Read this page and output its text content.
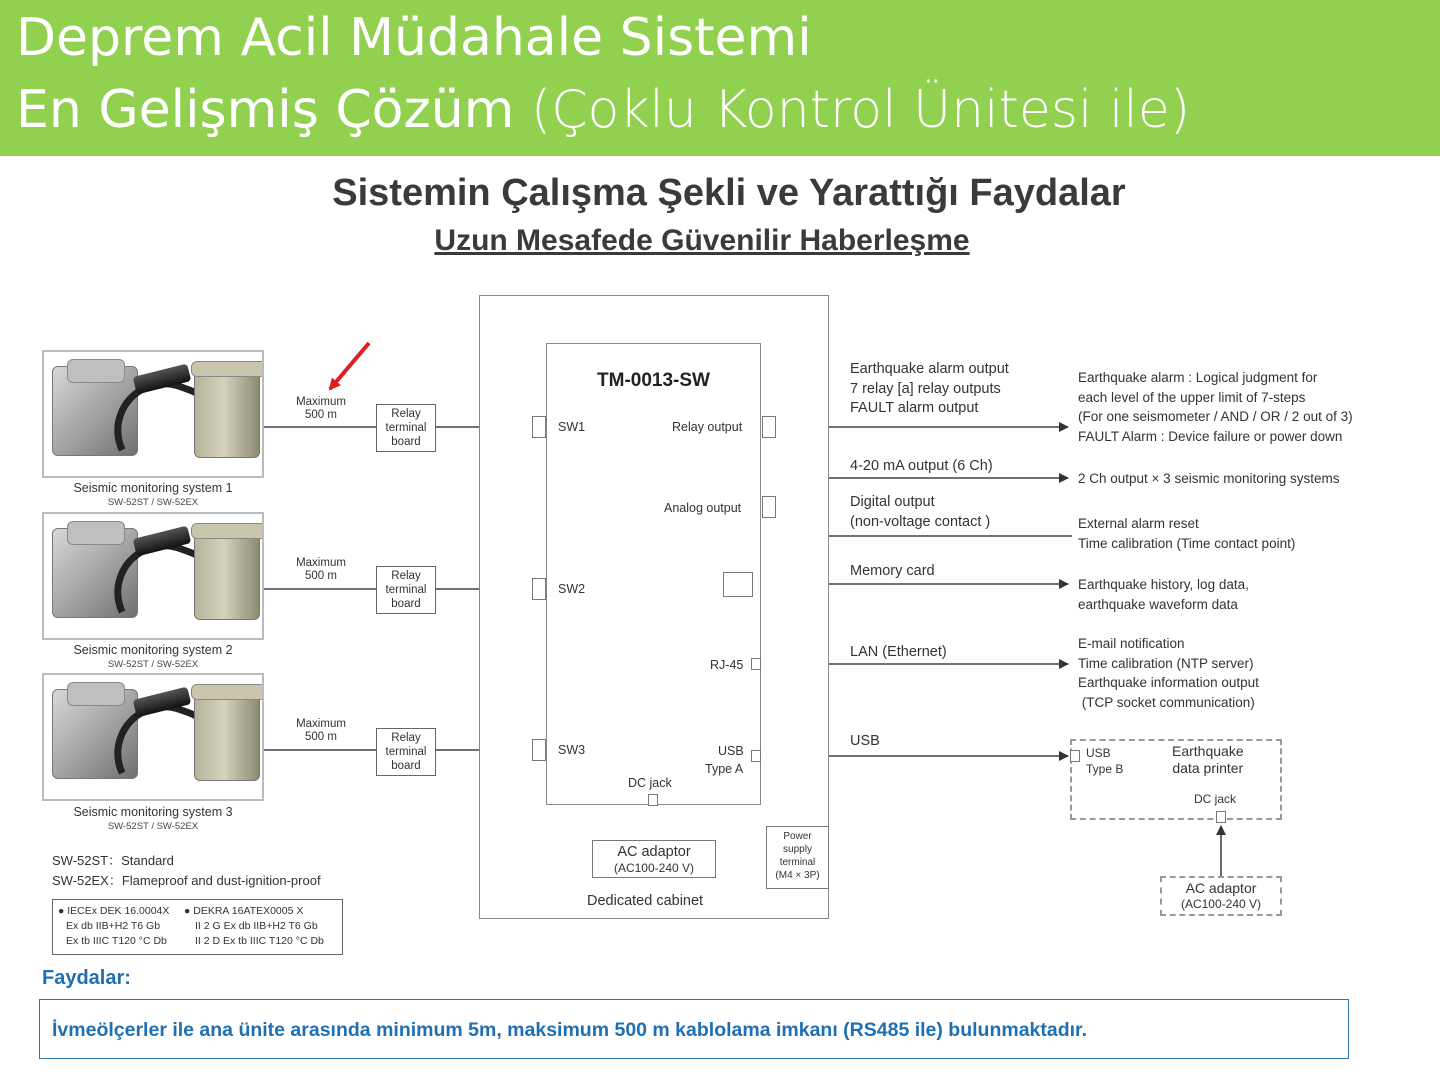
Deprem Acil Müdahale Sistemi
En Gelişmiş Çözüm (Çoklu Kontrol Ünitesi ile)
Sistemin Çalışma Şekli ve Yarattığı Faydalar
Uzun Mesafede Güvenilir Haberleşme
Seismic monitoring system 1
SW-52ST / SW-52EX
Seismic monitoring system 2
SW-52ST / SW-52EX
Seismic monitoring system 3
SW-52ST / SW-52EX
Maximum
500 m
Maximum
500 m
Maximum
500 m
Relay
terminal
board
Relay
terminal
board
Relay
terminal
board
SW-52ST：Standard
SW-52EX：Flameproof and dust-ignition-proof
● IECEx DEK 16.0004X
Ex db IIB+H2 T6 Gb
Ex tb IIIC T120 °C Db
● DEKRA 16ATEX0005 X
II 2 G Ex db IIB+H2 T6 Gb
II 2 D Ex tb IIIC T120 °C Db
TM-0013-SW
SW1
SW2
SW3
Relay output
Analog output
RJ-45
USB
Type A
DC jack
AC adaptor
(AC100-240 V)
Power
supply
terminal
(M4 × 3P)
Dedicated cabinet
Earthquake alarm output
7 relay [a] relay outputs
FAULT alarm output
4-20 mA output (6 Ch)
Digital output
(non-voltage contact )
Memory card
LAN (Ethernet)
USB
Earthquake alarm : Logical judgment for
each level of the upper limit of 7-steps
(For one seismometer / AND / OR / 2 out of 3)
FAULT Alarm : Device failure or power down
2 Ch output × 3 seismic monitoring systems
External alarm reset
Time calibration (Time contact point)
Earthquake history, log data,
earthquake waveform data
E-mail notification
Time calibration (NTP server)
Earthquake information output
(TCP socket communication)
USB
Type B
Earthquake
data printer
DC jack
AC adaptor
(AC100-240 V)
Faydalar:
İvmeölçerler ile ana ünite arasında minimum 5m, maksimum 500 m kablolama imkanı (RS485 ile) bulunmaktadır.
